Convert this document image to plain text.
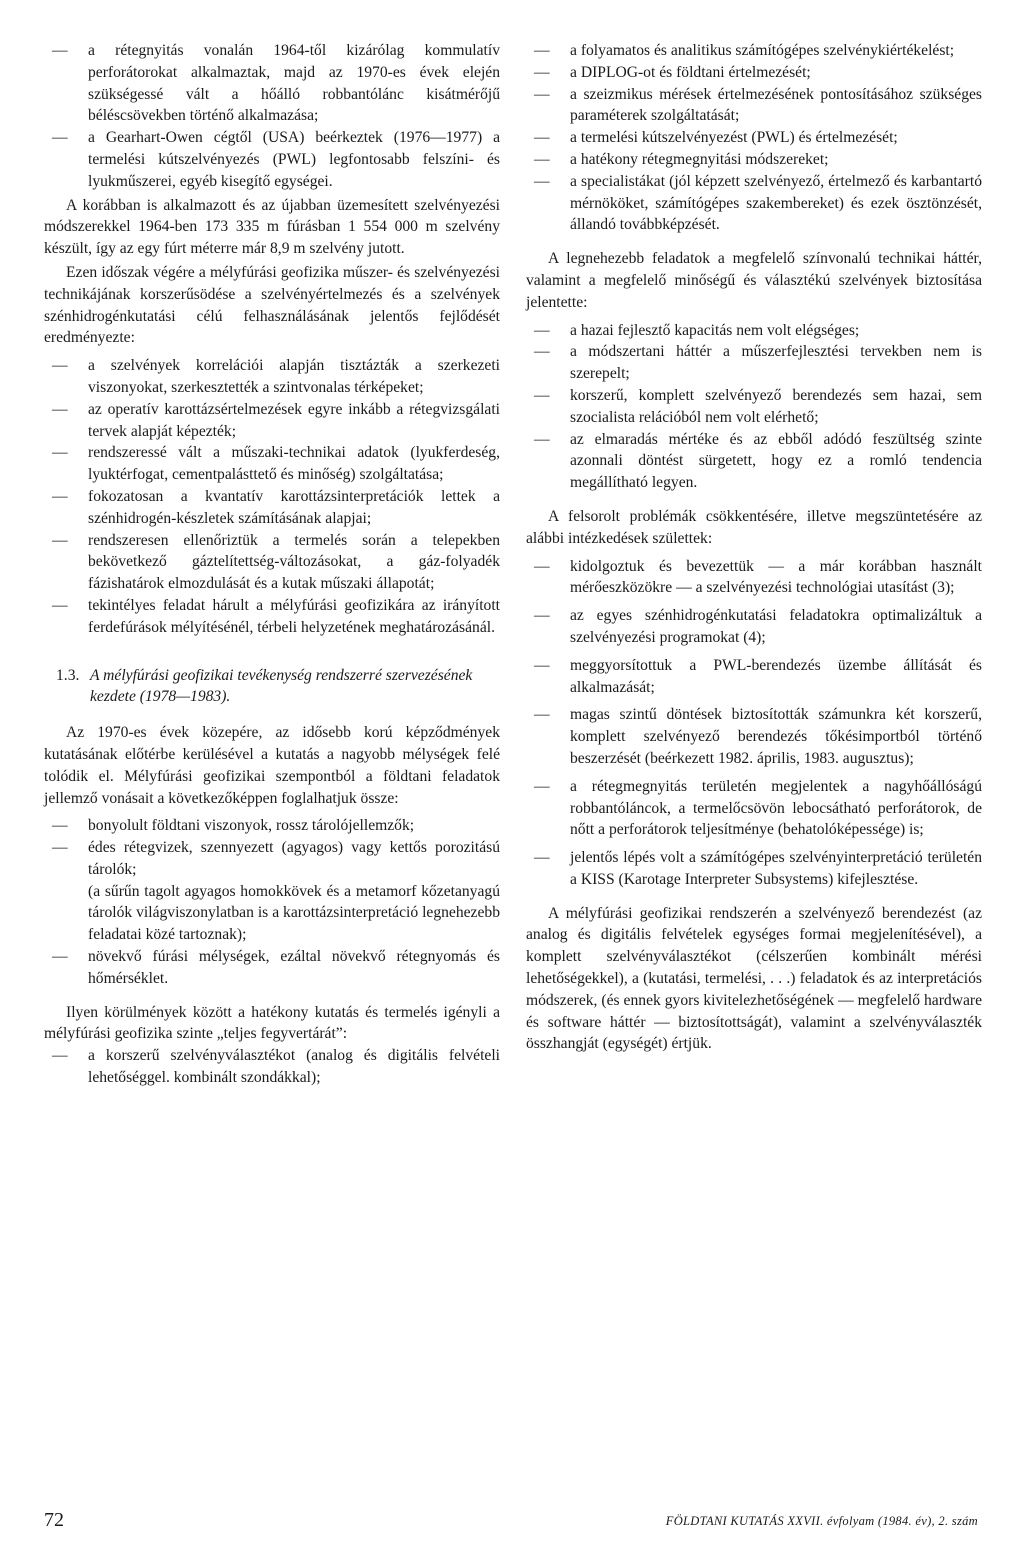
—	a rétegnyitás vonalán 1964-től kizárólag kommulatív perforátorokat alkalmaztak, majd az 1970-es évek elején szükségessé vált a hőálló robbantólánc kisátmérőjű béléscsövekben történő alkalmazása;
—	a Gearhart-Owen cégtől (USA) beérkeztek (1976—1977) a termelési kútszelvényezés (PWL) legfontosabb felszíni- és lyukműszerei, egyéb kisegítő egységei.

A korábban is alkalmazott és az újabban üzemesített szelvényezési módszerekkel 1964-ben 173 335 m fúrásban 1 554 000 m szelvény készült, így az egy fúrt méterre már 8,9 m szelvény jutott.

Ezen időszak végére a mélyfúrási geofizika műszer- és szelvényezési technikájának korszerűsödése a szelvényértelmezés és a szelvények szénhidrogénkutatási célú felhasználásának jelentős fejlődését eredményezte:

—	a szelvények korrelációi alapján tisztázták a szerkezeti viszonyokat, szerkesztették a szintvonalas térképeket;
—	az operatív karottázsértelmezések egyre inkább a rétegvizsgálati tervek alapját képezték;
—	rendszeressé vált a műszaki-technikai adatok (lyukferdeség, lyuktérfogat, cementpalásttető és minőség) szolgáltatása;
—	fokozatosan a kvantatív karottázsinterpretációk lettek a szénhidrogén-készletek számításának alapjai;
—	rendszeresen ellenőriztük a termelés során a telepekben bekövetkező gáztelítettség-változásokat, a gáz-folyadék fázishatárok elmozdulását és a kutak műszaki állapotát;
—	tekintélyes feladat hárult a mélyfúrási geofizikára az irányított ferdefúrások mélyítésénél, térbeli helyzetének meghatározásánál.
1.3. A mélyfúrási geofizikai tevékenység rendszerré szervezésének kezdete (1978—1983).

Az 1970-es évek közepére, az idősebb korú képződmények kutatásának előtérbe kerülésével a kutatás a nagyobb mélységek felé tolódik el. Mélyfúrási geofizikai szempontból a földtani feladatok jellemző vonásait a következőképpen foglalhatjuk össze:

—	bonyolult földtani viszonyok, rossz tárolójellemzők;
—	édes rétegvizek, szennyezett (agyagos) vagy kettős porozitású tárolók;
(a sűrűn tagolt agyagos homokkövek és a metamorf kőzetanyagú tárolók világviszonylatban is a karottázsinterpretáció legnehezebb feladatai közé tartoznak);
—	növekvő fúrási mélységek, ezáltal növekvő rétegnyomás és hőmérséklet.

Ilyen körülmények között a hatékony kutatás és termelés igényli a mélyfúrási geofizika szinte „teljes fegyvertárát”:

—	a korszerű szelvényválasztékot (analog és digitális felvételi lehetőséggel. kombinált szondákkal);
—	a folyamatos és analitikus számítógépes szelvénykiértékelést;
—	a DIPLOG-ot és földtani értelmezését;
—	a szeizmikus mérések értelmezésének pontosításához szükséges paraméterek szolgáltatását;
—	a termelési kútszelvényezést (PWL) és értelmezését;
—	a hatékony rétegmegnyitási módszereket;
—	a specialistákat (jól képzett szelvényező, értelmező és karbantartó mérnököket, számítógépes szakembereket) és ezek ösztönzését, állandó továbbképzését.

A legnehezebb feladatok a megfelelő színvonalú technikai háttér, valamint a megfelelő minőségű és választékú szelvények biztosítása jelentette:

—	a hazai fejlesztő kapacitás nem volt elégséges;
—	a módszertani háttér a műszerfejlesztési tervekben nem is szerepelt;
—	korszerű, komplett szelvényező berendezés sem hazai, sem szocialista relációból nem volt elérhető;
—	az elmaradás mértéke és az ebből adódó feszültség szinte azonnali döntést sürgetett, hogy ez a romló tendencia megállítható legyen.

A felsorolt problémák csökkentésére, illetve megszüntetésére az alábbi intézkedések születtek:

—	kidolgoztuk és bevezettük — a már korábban használt mérőeszközökre — a szelvényezési technológiai utasítást (3);
—	az egyes szénhidrogénkutatási feladatokra optimalizáltuk a szelvényezési programokat (4);
—	meggyorsítottuk a PWL-berendezés üzembe állítását és alkalmazását;
—	magas szintű döntések biztosították számunkra két korszerű, komplett szelvényező berendezés tőkésimportból történő beszerzését (beérkezett 1982. április, 1983. augusztus);
—	a rétegmegnyitás területén megjelentek a nagyhőállóságú robbantóláncok, a termelőcsövön lebocsátható perforátorok, de nőtt a perforátorok teljesítménye (behatolóképessége) is;
—	jelentős lépés volt a számítógépes szelvényinterpretáció területén a KISS (Karotage Interpreter Subsystems) kifejlesztése.

A mélyfúrási geofizikai rendszerén a szelvényező berendezést (az analog és digitális felvételek egységes formai megjelenítésével), a komplett szelvényválasztékot (célszerűen kombinált mérési lehetőségekkel), a (kutatási, termelési, . . .) feladatok és az interpretációs módszerek, (és ennek gyors kivitelezhetőségének — megfelelő hardware és software háttér — biztosítottságát), valamint a szelvényválaszték összhangját (egységét) értjük.

72	FÖLDTANI KUTATÁS XXVII. évfolyam (1984. év), 2. szám
